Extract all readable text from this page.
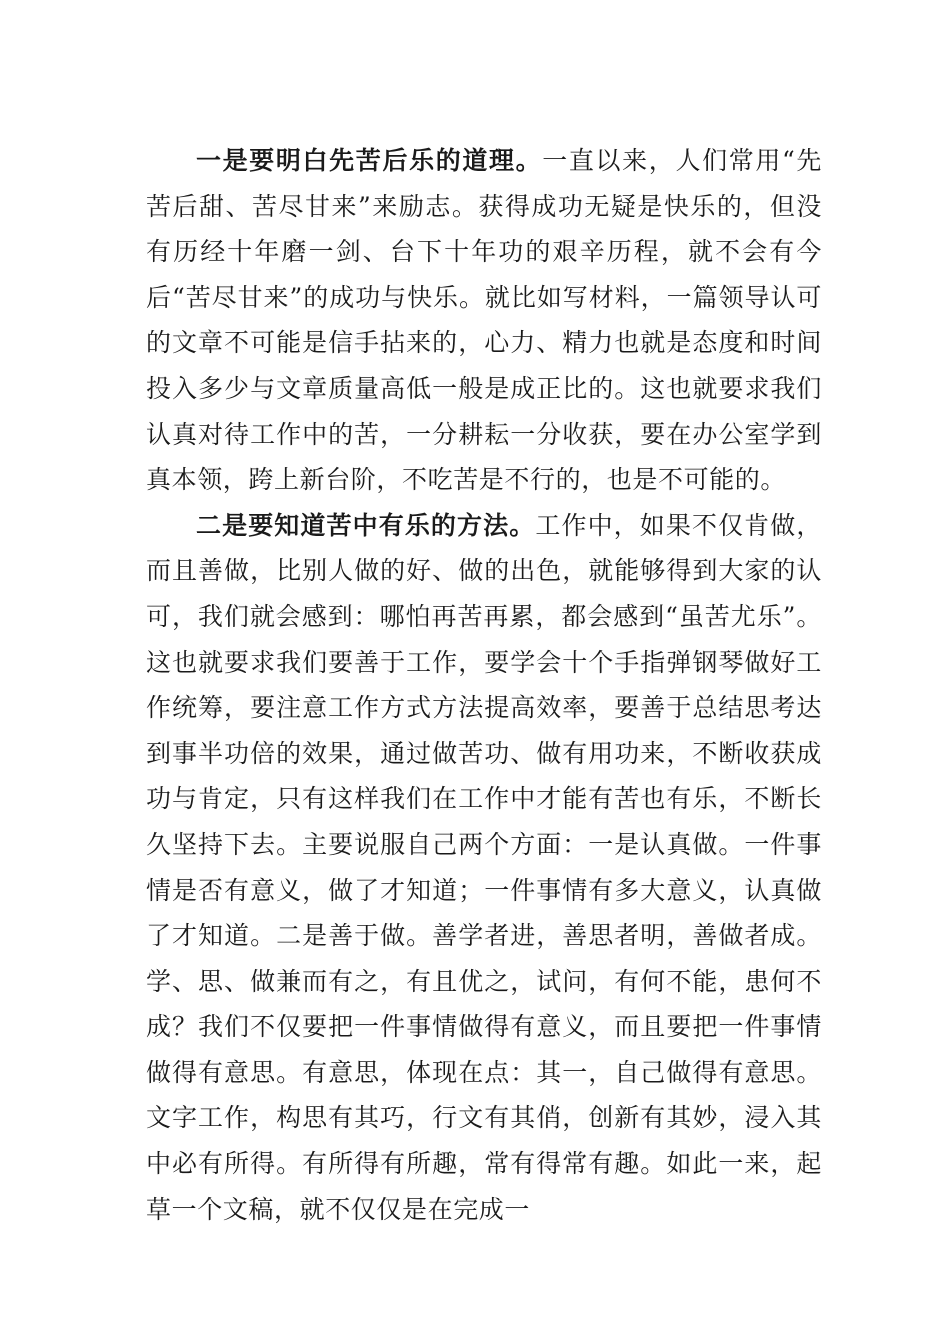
一是要明白先苦后乐的道理。一直以来，人们常用“先苦后甜、苦尽甘来”来励志。获得成功无疑是快乐的，但没有历经十年磨一剑、台下十年功的艰辛历程，就不会有今后“苦尽甘来”的成功与快乐。就比如写材料，一篇领导认可的文章不可能是信手拈来的，心力、精力也就是态度和时间投入多少与文章质量高低一般是成正比的。这也就要求我们认真对待工作中的苦，一分耕耘一分收获，要在办公室学到真本领，跨上新台阶，不吃苦是不行的，也是不可能的。

二是要知道苦中有乐的方法。工作中，如果不仅肯做，而且善做，比别人做的好、做的出色，就能够得到大家的认可，我们就会感到：哪怕再苦再累，都会感到“虽苦尤乐”。这也就要求我们要善于工作，要学会十个手指弹钢琴做好工作统筹，要注意工作方式方法提高效率，要善于总结思考达到事半功倍的效果，通过做苦功、做有用功来，不断收获成功与肯定，只有这样我们在工作中才能有苦也有乐，不断长久坚持下去。主要说服自己两个方面：一是认真做。一件事情是否有意义，做了才知道；一件事情有多大意义，认真做了才知道。二是善于做。善学者进，善思者明，善做者成。学、思、做兼而有之，有且优之，试问，有何不能，患何不成？我们不仅要把一件事情做得有意义，而且要把一件事情做得有意思。有意思，体现在点：其一，自己做得有意思。文字工作，构思有其巧，行文有其俏，创新有其妙，浸入其中必有所得。有所得有所趣，常有得常有趣。如此一来，起草一个文稿，就不仅仅是在完成一
